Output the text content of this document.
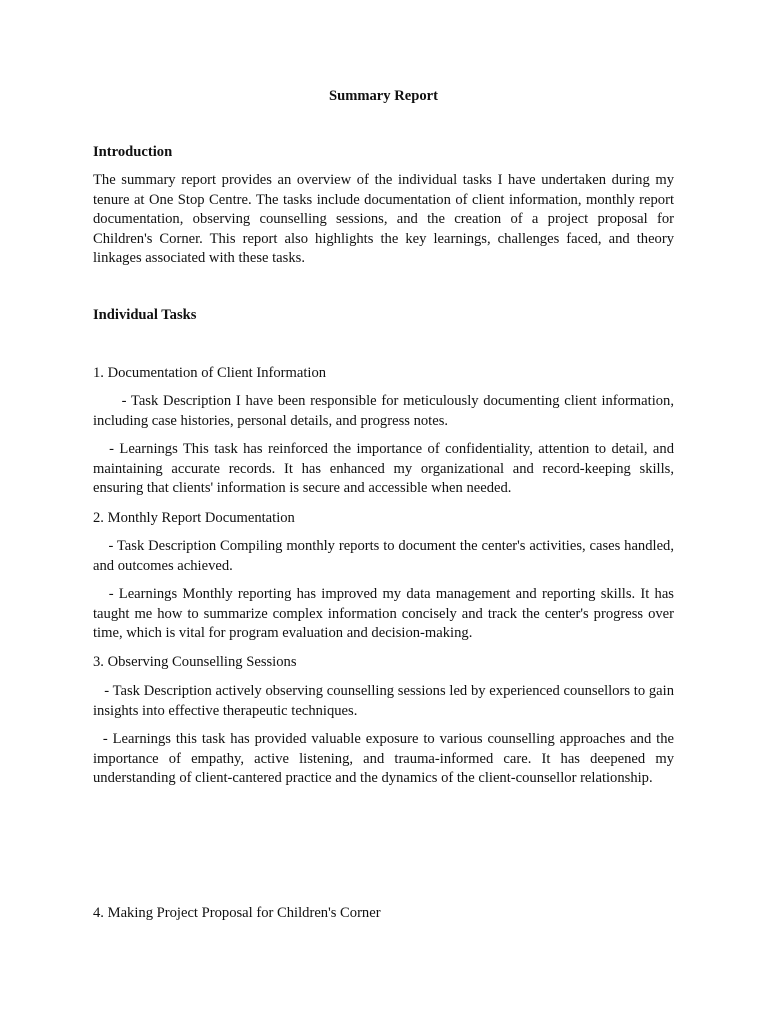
Summary Report
Introduction

The summary report provides an overview of the individual tasks I have undertaken during my tenure at One Stop Centre. The tasks include documentation of client information, monthly report documentation, observing counselling sessions, and the creation of a project proposal for Children's Corner. This report also highlights the key learnings, challenges faced, and theory linkages associated with these tasks.

Individual Tasks
1. Documentation of Client Information

- Task Description I have been responsible for meticulously documenting client information, including case histories, personal details, and progress notes.

- Learnings This task has reinforced the importance of confidentiality, attention to detail, and maintaining accurate records. It has enhanced my organizational and record-keeping skills, ensuring that clients' information is secure and accessible when needed.

2. Monthly Report Documentation

- Task Description Compiling monthly reports to document the center's activities, cases handled, and outcomes achieved.

- Learnings Monthly reporting has improved my data management and reporting skills. It has taught me how to summarize complex information concisely and track the center's progress over time, which is vital for program evaluation and decision-making.

3. Observing Counselling Sessions

- Task Description actively observing counselling sessions led by experienced counsellors to gain insights into effective therapeutic techniques.

- Learnings this task has provided valuable exposure to various counselling approaches and the importance of empathy, active listening, and trauma-informed care. It has deepened my understanding of client-cantered practice and the dynamics of the client-counsellor relationship.

4. Making Project Proposal for Children's Corner
